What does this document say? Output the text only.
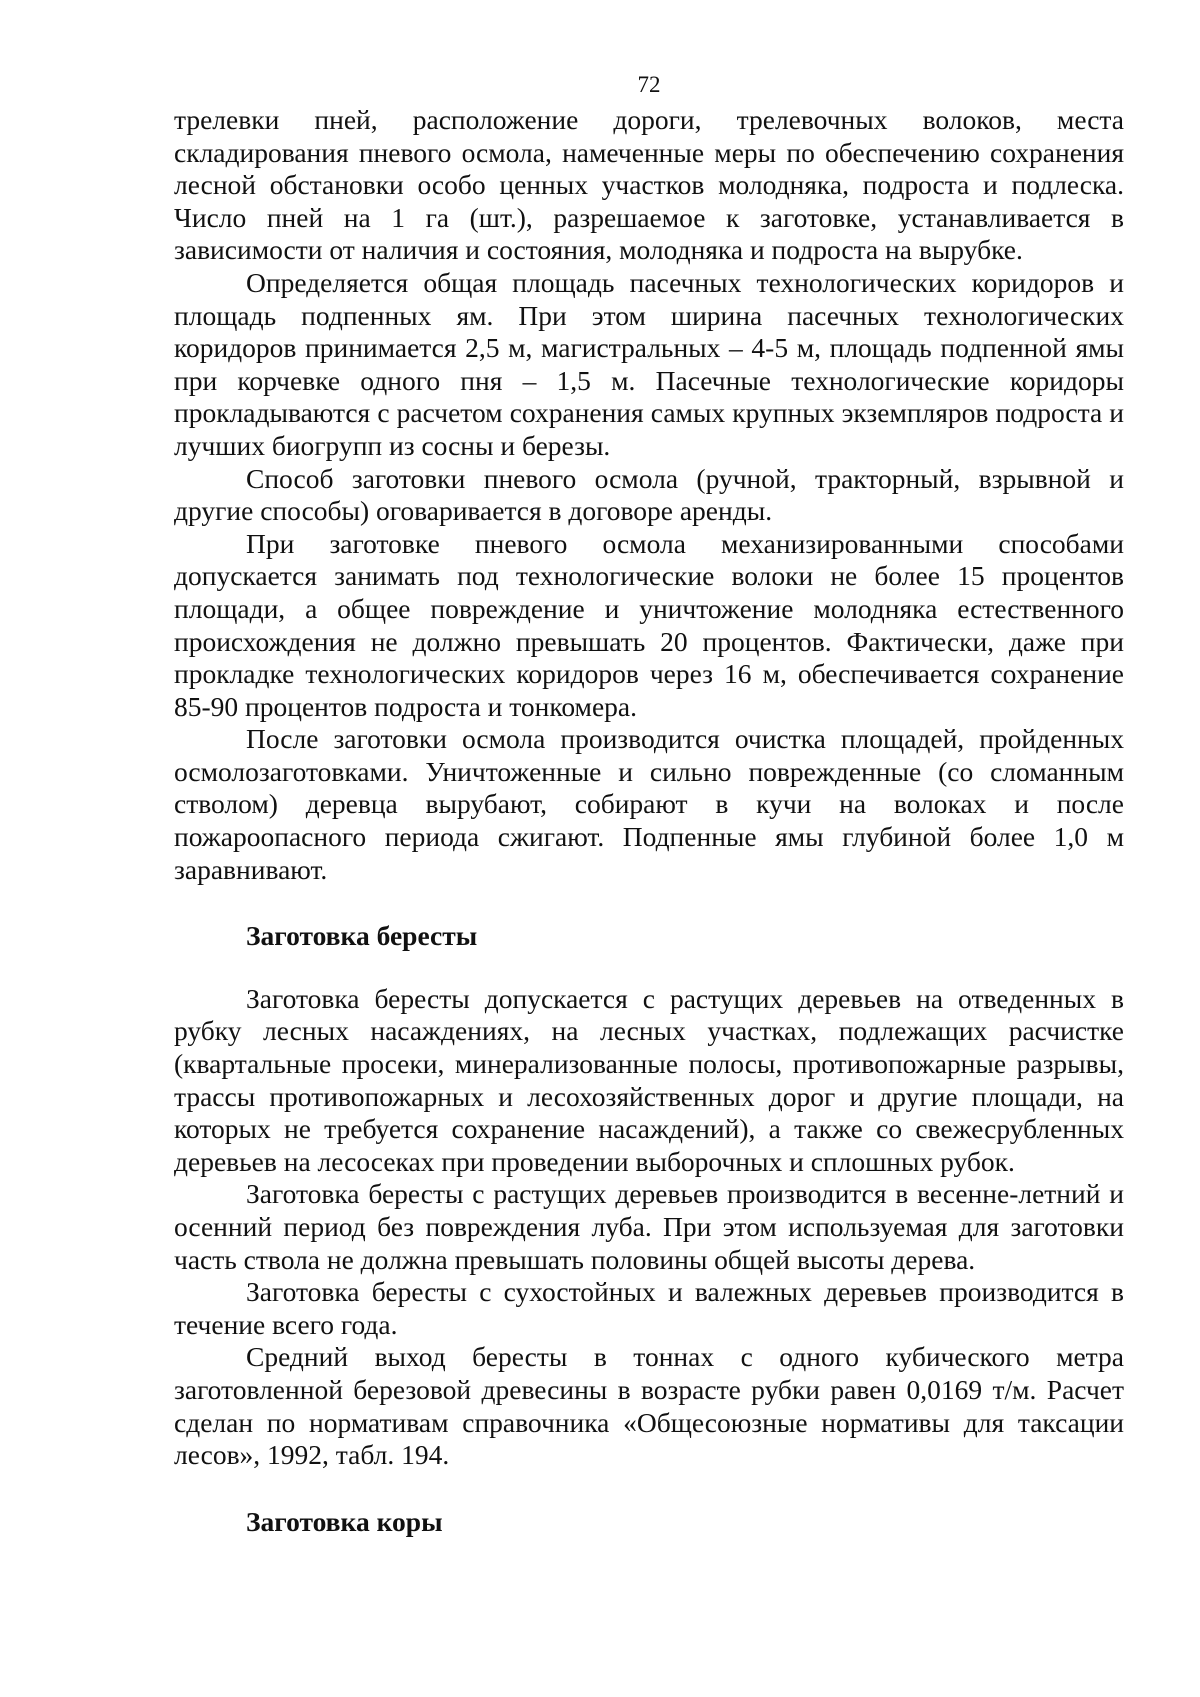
72

трелевки пней, расположение дороги, трелевочных волоков, места складирования пневого осмола, намеченные меры по обеспечению сохранения лесной обстановки особо ценных участков молодняка, подроста и подлеска. Число пней на 1 га (шт.), разрешаемое к заготовке, устанавливается в зависимости от наличия и состояния, молодняка и подроста на вырубке.

Определяется общая площадь пасечных технологических коридоров и площадь подпенных ям. При этом ширина пасечных технологических коридоров принимается 2,5 м, магистральных – 4-5 м, площадь подпенной ямы при корчевке одного пня – 1,5 м. Пасечные технологические коридоры прокладываются с расчетом сохранения самых крупных экземпляров подроста и лучших биогрупп из сосны и березы.

Способ заготовки пневого осмола (ручной, тракторный, взрывной и другие способы) оговаривается в договоре аренды.

При заготовке пневого осмола механизированными способами допускается занимать под технологические волоки не более 15 процентов площади, а общее повреждение и уничтожение молодняка естественного происхождения не должно превышать 20 процентов. Фактически, даже при прокладке технологических коридоров через 16 м, обеспечивается сохранение 85-90 процентов подроста и тонкомера.

После заготовки осмола производится очистка площадей, пройденных осмолозаготовками. Уничтоженные и сильно поврежденные (со сломанным стволом) деревца вырубают, собирают в кучи на волоках и после пожароопасного периода сжигают. Подпенные ямы глубиной более 1,0 м заравнивают.

Заготовка бересты

Заготовка бересты допускается с растущих деревьев на отведенных в рубку лесных насаждениях, на лесных участках, подлежащих расчистке (квартальные просеки, минерализованные полосы, противопожарные разрывы, трассы противопожарных и лесохозяйственных дорог и другие площади, на которых не требуется сохранение насаждений), а также со свежесрубленных деревьев на лесосеках при проведении выборочных и сплошных рубок.

Заготовка бересты с растущих деревьев производится в весенне-летний и осенний период без повреждения луба. При этом используемая для заготовки часть ствола не должна превышать половины общей высоты дерева.

Заготовка бересты с сухостойных и валежных деревьев производится в течение всего года.

Средний выход бересты в тоннах с одного кубического метра заготовленной березовой древесины в возрасте рубки равен 0,0169 т/м. Расчет сделан по нормативам справочника «Общесоюзные нормативы для таксации лесов», 1992, табл. 194.

Заготовка коры
